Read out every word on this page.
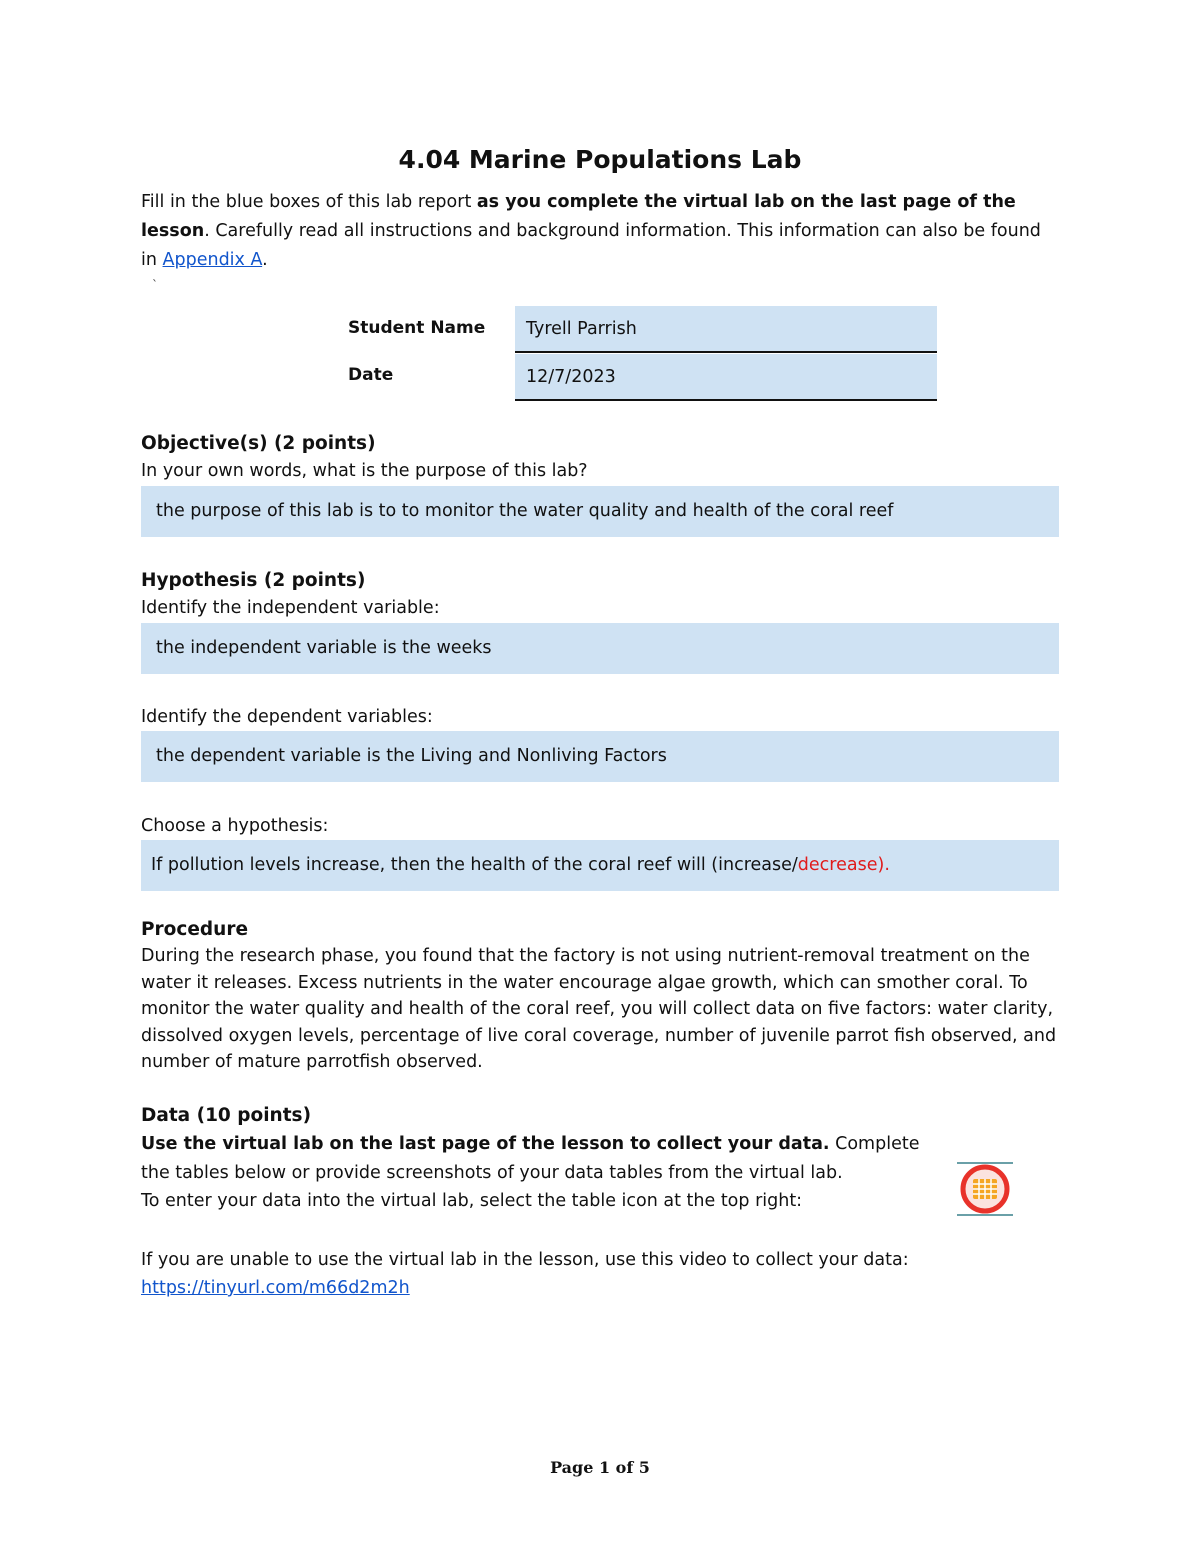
4.04 Marine Populations Lab

Fill in the blue boxes of this lab report as you complete the virtual lab on the last page of the lesson. Carefully read all instructions and background information. This information can also be found in Appendix A.

`
Student Name	Tyrell Parrish
Date	12/7/2023
Objective(s) (2 points)
In your own words, what is the purpose of this lab?
the purpose of this lab is to to monitor the water quality and health of the coral reef
Hypothesis (2 points)
Identify the independent variable:
the independent variable is the weeks
Identify the dependent variables:
the dependent variable is the Living and Nonliving Factors
Choose a hypothesis:
If pollution levels increase, then the health of the coral reef will (increase/decrease).
Procedure

During the research phase, you found that the factory is not using nutrient-removal treatment on the water it releases. Excess nutrients in the water encourage algae growth, which can smother coral. To monitor the water quality and health of the coral reef, you will collect data on five factors: water clarity, dissolved oxygen levels, percentage of live coral coverage, number of juvenile parrot fish observed, and number of mature parrotfish observed.

Data (10 points)
Use the virtual lab on the last page of the lesson to collect your data. Complete
the tables below or provide screenshots of your data tables from the virtual lab.
To enter your data into the virtual lab, select the table icon at the top right:
If you are unable to use the virtual lab in the lesson, use this video to collect your data:
https://tinyurl.com/m66d2m2h
Page 1 of 5
